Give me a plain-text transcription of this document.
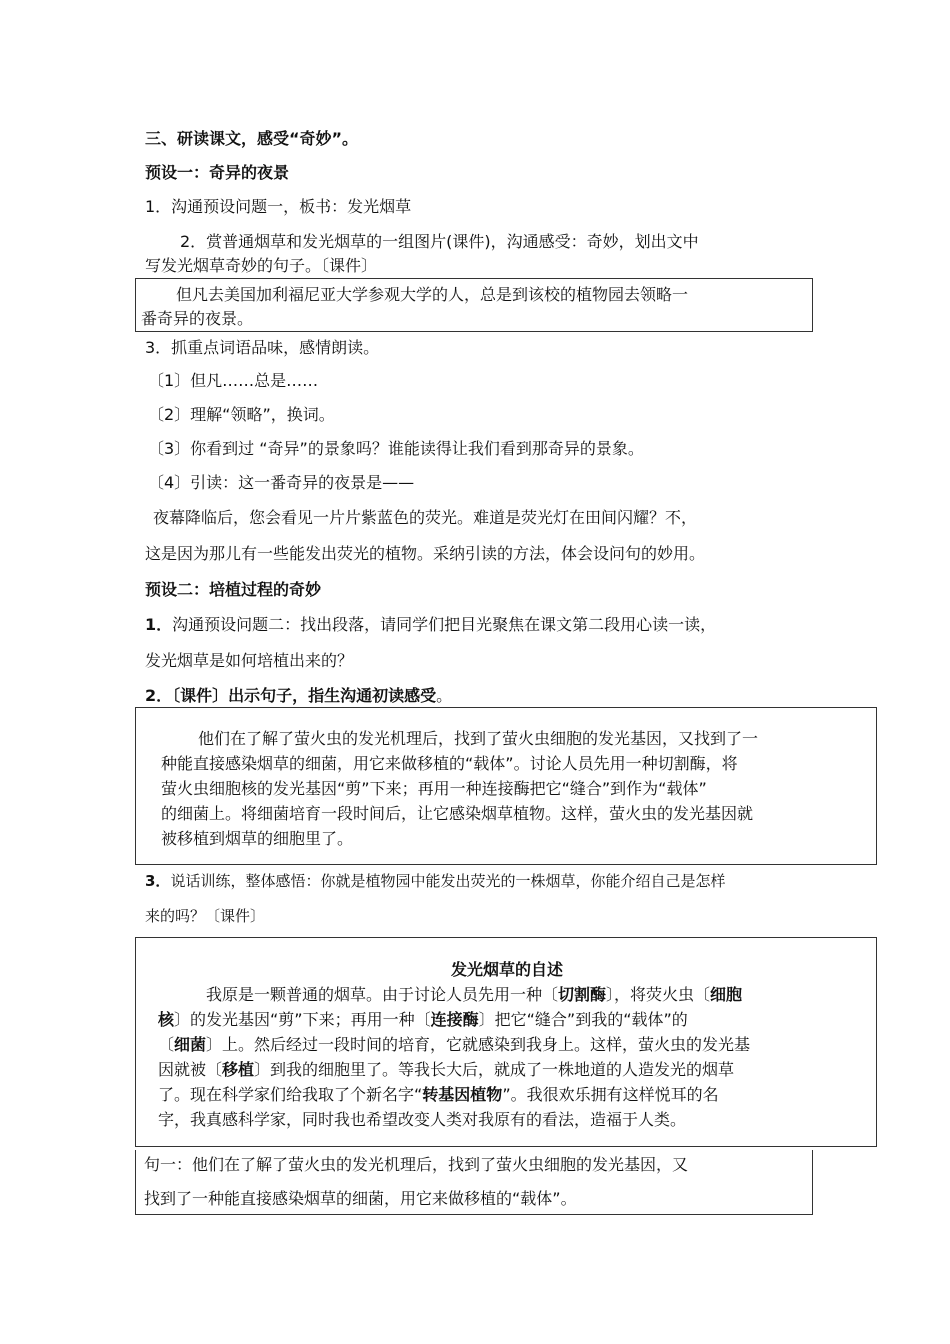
三、研读课文，感受“奇妙”。
预设一：奇异的夜景
1．沟通预设问题一，板书：发光烟草
2．赏普通烟草和发光烟草的一组图片(课件)，沟通感受：奇妙，划出文中
写发光烟草奇妙的句子。〔课件〕
但凡去美国加利福尼亚大学参观大学的人，总是到该校的植物园去领略一
番奇异的夜景。
3．抓重点词语品味，感情朗读。
〔1〕但凡……总是……
〔2〕理解“领略”，换词。
〔3〕你看到过 “奇异”的景象吗？谁能读得让我们看到那奇异的景象。
〔4〕引读：这一番奇异的夜景是——
夜幕降临后，您会看见一片片紫蓝色的荧光。难道是荧光灯在田间闪耀？不，
这是因为那儿有一些能发出荧光的植物。采纳引读的方法，体会设问句的妙用。
预设二：培植过程的奇妙
1．沟通预设问题二：找出段落，请同学们把目光聚焦在课文第二段用心读一读，
发光烟草是如何培植出来的？
2．〔课件〕出示句子，指生沟通初读感受。
他们在了解了萤火虫的发光机理后，找到了萤火虫细胞的发光基因，又找到了一
种能直接感染烟草的细菌，用它来做移植的“载体”。讨论人员先用一种切割酶，将
萤火虫细胞核的发光基因“剪”下来；再用一种连接酶把它“缝合”到作为“载体”
的细菌上。将细菌培育一段时间后，让它感染烟草植物。这样，萤火虫的发光基因就
被移植到烟草的细胞里了。
3．说话训练，整体感悟：你就是植物园中能发出荧光的一株烟草，你能介绍自己是怎样
来的吗？〔课件〕
发光烟草的自述
我原是一颗普通的烟草。由于讨论人员先用一种〔切割酶〕，将荧火虫〔细胞
核〕的发光基因“剪”下来；再用一种〔连接酶〕把它“缝合”到我的“载体”的
〔细菌〕上。然后经过一段时间的培育，它就感染到我身上。这样，萤火虫的发光基
因就被〔移植〕到我的细胞里了。等我长大后，就成了一株地道的人造发光的烟草
了。现在科学家们给我取了个新名字“转基因植物”。我很欢乐拥有这样悦耳的名
字，我真感科学家，同时我也希望改变人类对我原有的看法，造福于人类。
句一：他们在了解了萤火虫的发光机理后，找到了萤火虫细胞的发光基因，又
找到了一种能直接感染烟草的细菌，用它来做移植的“载体”。
